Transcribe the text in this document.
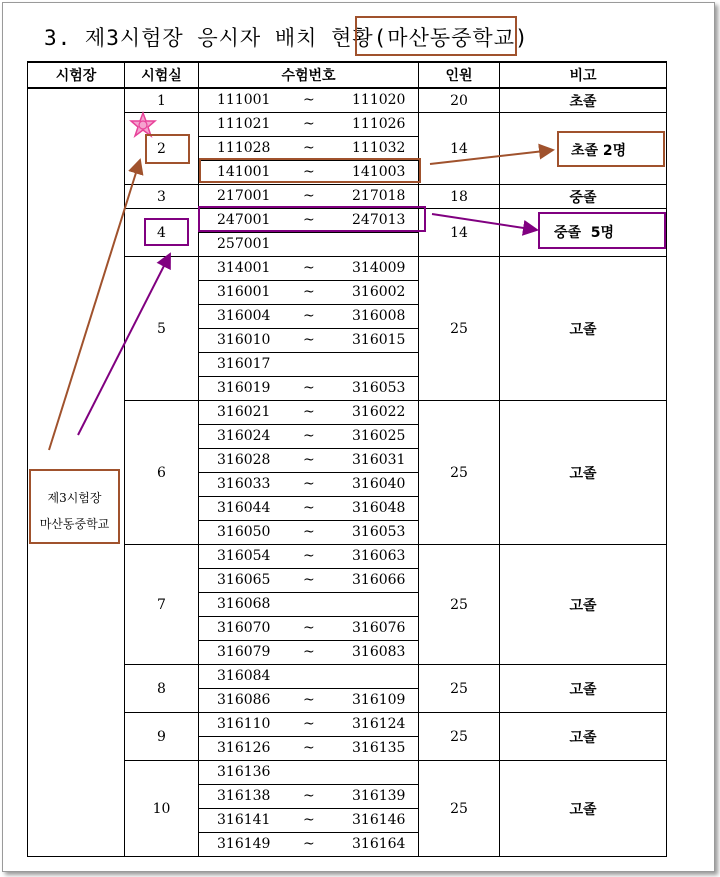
3. 제3시험장 응시자 배치 현황(마산동중학교)
시험장	시험실	수험번호	인원	비고
	1	111001 ~ 111020	20	초졸
	2	111021 ~ 111026	14	

		111028 ~ 111032		

		141001 ~ 141003		

	3	217001 ~ 217018	18	중졸
	4	247001 ~ 247013	14	

		257001		

	5	314001 ~ 314009	25	고졸

		316001 ~ 316002		

		316004 ~ 316008		

		316010 ~ 316015		

		316017		

		316019 ~ 316053		

	6	316021 ~ 316022	25	고졸

		316024 ~ 316025		

		316028 ~ 316031		

		316033 ~ 316040		

		316044 ~ 316048		

		316050 ~ 316053		

	7	316054 ~ 316063	25	고졸

		316065 ~ 316066		

		316068		

		316070 ~ 316076		

		316079 ~ 316083		

	8	316084	25	고졸

		316086 ~ 316109		

	9	316110 ~ 316124	25	고졸

		316126 ~ 316135		

	10	316136	25	고졸

		316138 ~ 316139		

		316141 ~ 316146		

		316149 ~ 316164		
초졸 2명
중졸  5명
제3시험장
마산동중학교
